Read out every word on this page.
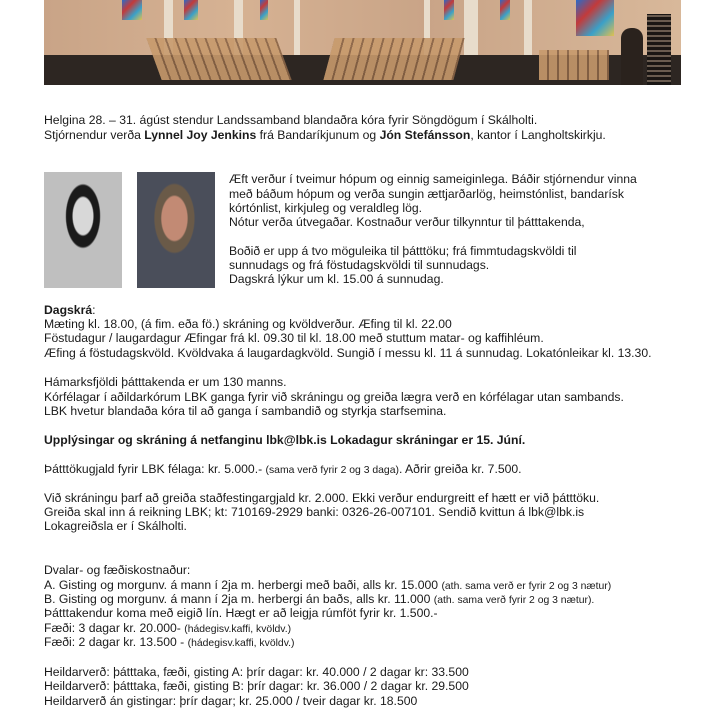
Helgina 28. – 31. ágúst stendur Landssamband blandaðra kóra fyrir Söngdögum í Skálholti.
Stjórnendur verða Lynnel Joy Jenkins frá Bandaríkjunum og Jón Stefánsson, kantor í Langholtskirkju.
Æft verður í tveimur hópum og einnig sameiginlega. Báðir stjórnendur vinna
með báðum hópum og verða sungin ættjarðarlög, heimstónlist, bandarísk
kórtónlist, kirkjuleg og veraldleg lög.
Nótur verða útvegaðar. Kostnaður verður tilkynntur til þátttakenda,
Boðið er upp á tvo möguleika til þátttöku; frá fimmtudagskvöldi til
sunnudags og frá föstudagskvöldi til sunnudags.
Dagskrá lýkur um kl. 15.00 á sunnudag.
Dagskrá:
Mæting kl. 18.00, (á fim. eða fö.) skráning og kvöldverður. Æfing til kl. 22.00
Föstudagur / laugardagur Æfingar frá kl. 09.30 til kl. 18.00 með stuttum matar- og kaffihléum.
Æfing á föstudagskvöld. Kvöldvaka á laugardagkvöld. Sungið í messu kl. 11 á sunnudag. Lokatónleikar kl. 13.30.
Hámarksfjöldi þátttakenda er um 130 manns.
Kórfélagar í aðildarkórum LBK ganga fyrir við skráningu og greiða lægra verð en kórfélagar utan sambands.
LBK hvetur blandaða kóra til að ganga í sambandið og styrkja starfsemina.
Upplýsingar og skráning á netfanginu lbk@lbk.is Lokadagur skráningar er 15. Júní.
Þátttökugjald fyrir LBK félaga: kr. 5.000.- (sama verð fyrir 2 og 3 daga). Aðrir greiða kr. 7.500.
Við skráningu þarf að greiða staðfestingargjald kr. 2.000. Ekki verður endurgreitt ef hætt er við þátttöku.
Greiða skal inn á reikning LBK; kt: 710169-2929 banki: 0326-26-007101. Sendið kvittun á lbk@lbk.is
Lokagreiðsla er í Skálholti.
Dvalar- og fæðiskostnaður:
A. Gisting og morgunv. á mann í 2ja m. herbergi með baði, alls kr. 15.000 (ath. sama verð er fyrir 2 og 3 nætur)
B. Gisting og morgunv. á mann í 2ja m. herbergi án baðs, alls kr. 11.000 (ath. sama verð fyrir 2 og 3 nætur).
Þátttakendur koma með eigið lín. Hægt er að leigja rúmföt fyrir kr. 1.500.-
Fæði: 3 dagar kr. 20.000- (hádegisv.kaffi, kvöldv.)
Fæði: 2 dagar kr. 13.500 - (hádegisv.kaffi, kvöldv.)
Heildarverð: þátttaka, fæði, gisting A: þrír dagar: kr. 40.000 / 2 dagar kr: 33.500
Heildarverð: þátttaka, fæði, gisting B: þrír dagar: kr. 36.000 / 2 dagar kr. 29.500
Heildarverð án gistingar: þrír dagar; kr. 25.000 / tveir dagar kr. 18.500
